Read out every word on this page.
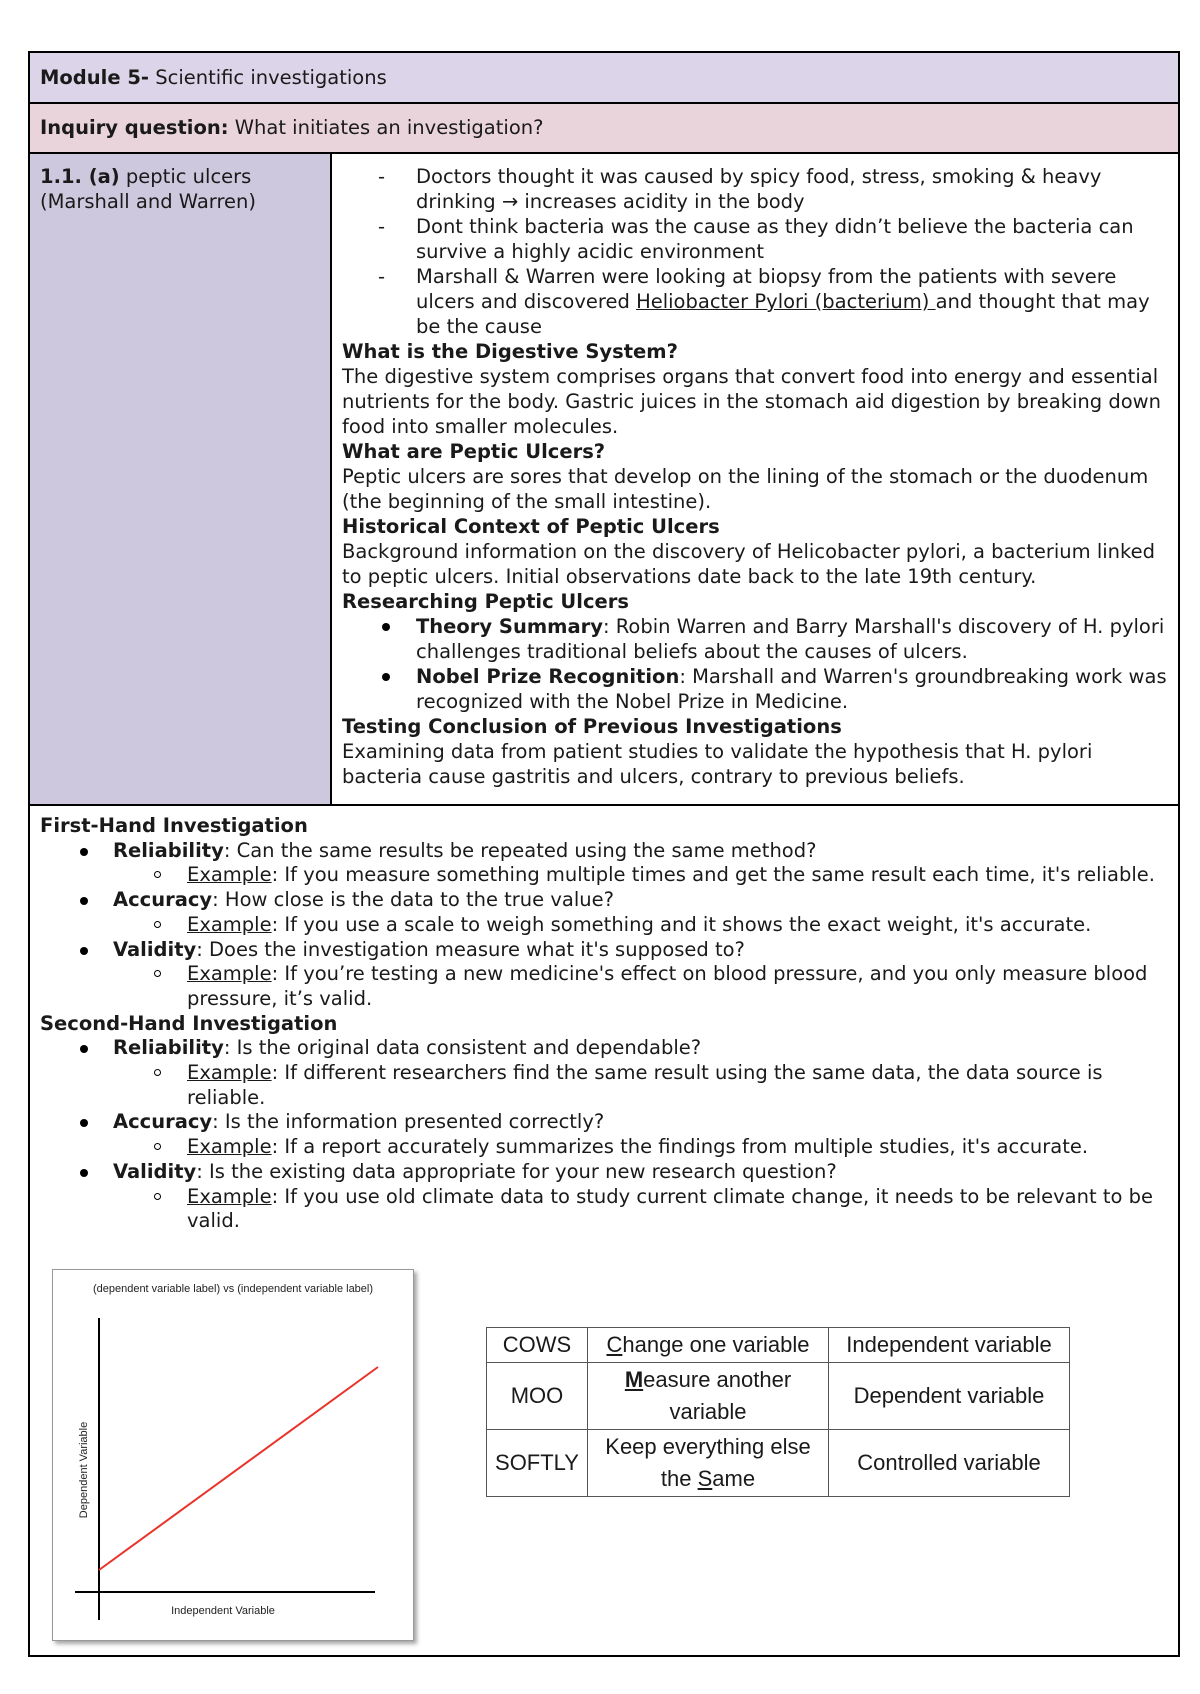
Module 5- Scientific investigations
Inquiry question: What initiates an investigation?
1.1. (a) peptic ulcers (Marshall and Warren)
- Doctors thought it was caused by spicy food, stress, smoking & heavy drinking → increases acidity in the body
- Dont think bacteria was the cause as they didn’t believe the bacteria can survive a highly acidic environment
- Marshall & Warren were looking at biopsy from the patients with severe ulcers and discovered Heliobacter Pylori (bacterium) and thought that may be the cause
What is the Digestive System?

The digestive system comprises organs that convert food into energy and essential nutrients for the body. Gastric juices in the stomach aid digestion by breaking down food into smaller molecules.

What are Peptic Ulcers?

Peptic ulcers are sores that develop on the lining of the stomach or the duodenum (the beginning of the small intestine).

Historical Context of Peptic Ulcers

Background information on the discovery of Helicobacter pylori, a bacterium linked to peptic ulcers. Initial observations date back to the late 19th century.

Researching Peptic Ulcers
Theory Summary: Robin Warren and Barry Marshall's discovery of H. pylori challenges traditional beliefs about the causes of ulcers.
Nobel Prize Recognition: Marshall and Warren's groundbreaking work was recognized with the Nobel Prize in Medicine.
Testing Conclusion of Previous Investigations

Examining data from patient studies to validate the hypothesis that H. pylori bacteria cause gastritis and ulcers, contrary to previous beliefs.

First-Hand Investigation
Reliability: Can the same results be repeated using the same method?
Example: If you measure something multiple times and get the same result each time, it's reliable.
Accuracy: How close is the data to the true value?
Example: If you use a scale to weigh something and it shows the exact weight, it's accurate.
Validity: Does the investigation measure what it's supposed to?
Example: If you’re testing a new medicine's effect on blood pressure, and you only measure blood pressure, it’s valid.
Second-Hand Investigation
Reliability: Is the original data consistent and dependable?
Example: If different researchers find the same result using the same data, the data source is reliable.
Accuracy: Is the information presented correctly?
Example: If a report accurately summarizes the findings from multiple studies, it's accurate.
Validity: Is the existing data appropriate for your new research question?
Example: If you use old climate data to study current climate change, it needs to be relevant to be valid.
(dependent variable label) vs (independent variable label)
Independent Variable
Dependent Variable
COWS	Change one variable	Independent variable
MOO	Measure another variable	Dependent variable
SOFTLY	Keep everything else the Same	Controlled variable
